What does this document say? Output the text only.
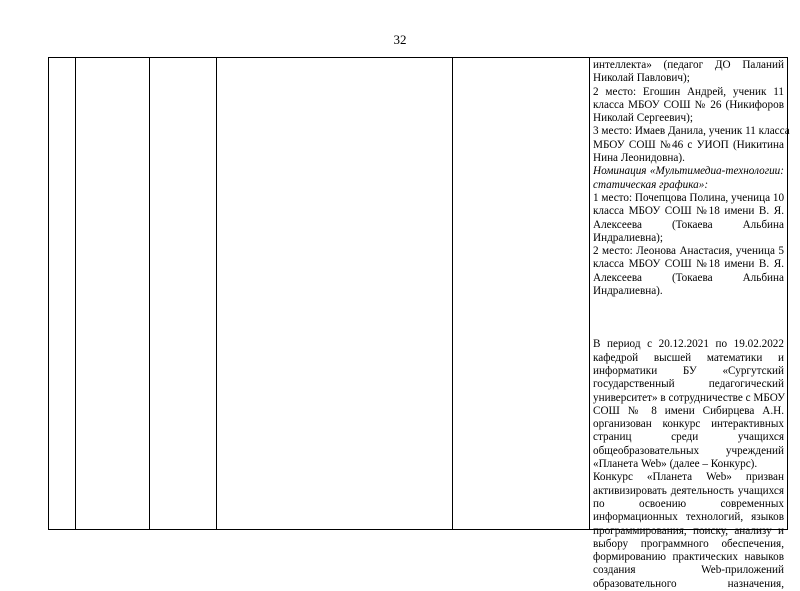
32
интеллекта» (педагог ДО Паланий
Николай Павлович);
2 место: Егошин Андрей, ученик 11
класса МБОУ СОШ № 26 (Никифоров
Николай Сергеевич);
3 место: Имаев Данила, ученик 11 класса
МБОУ СОШ №46 с УИОП (Никитина
Нина Леонидовна).
Номинация «Мультимедиа-технологии:
статическая графика»:
1 место: Почепцова Полина, ученица 10
класса МБОУ СОШ №18 имени В. Я.
Алексеева (Токаева Альбина
Индралиевна);
2 место: Леонова Анастасия, ученица 5
класса МБОУ СОШ №18 имени В. Я.
Алексеева (Токаева Альбина
Индралиевна).
В период с 20.12.2021 по 19.02.2022
кафедрой высшей математики и
информатики БУ «Сургутский
государственный педагогический
университет» в сотрудничестве с МБОУ
СОШ № 8 имени Сибирцева А.Н.
организован конкурс интерактивных
страниц среди учащихся
общеобразовательных учреждений
«Планета Web» (далее – Конкурс).
Конкурс «Планета Web» призван
активизировать деятельность учащихся
по освоению современных
информационных технологий, языков
программирования, поиску, анализу и
выбору программного обеспечения,
формированию практических навыков
создания Web-приложений
образовательного назначения,
